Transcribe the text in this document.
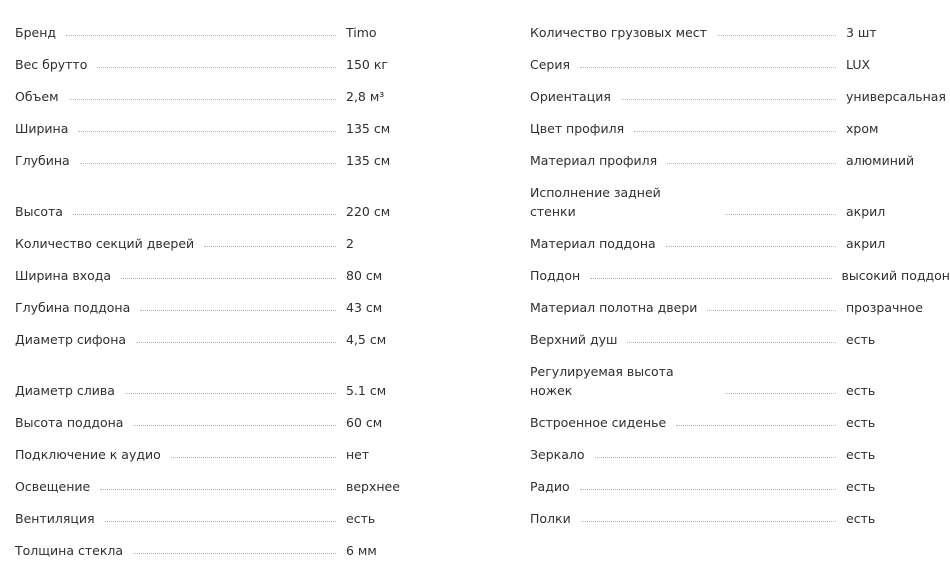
Бренд	Timo
Вес брутто	150 кг
Объем	2,8 м³
Ширина	135 см
Глубина	135 см
Высота	220 см
Количество секций дверей	2
Ширина входа	80 см
Глубина поддона	43 см
Диаметр сифона	4,5 см
Диаметр слива	5.1 см
Высота поддона	60 см
Подключение к аудио	нет
Освещение	верхнее
Вентиляция	есть
Толщина стекла	6 мм
Количество грузовых мест	3 шт
Серия	LUX
Ориентация	универсальная
Цвет профиля	хром
Материал профиля	алюминий
Исполнение задней стенки	акрил
Материал поддона	акрил
Поддон	высокий поддон
Материал полотна двери	прозрачное
Верхний душ	есть
Регулируемая высота ножек	есть
Встроенное сиденье	есть
Зеркало	есть
Радио	есть
Полки	есть
